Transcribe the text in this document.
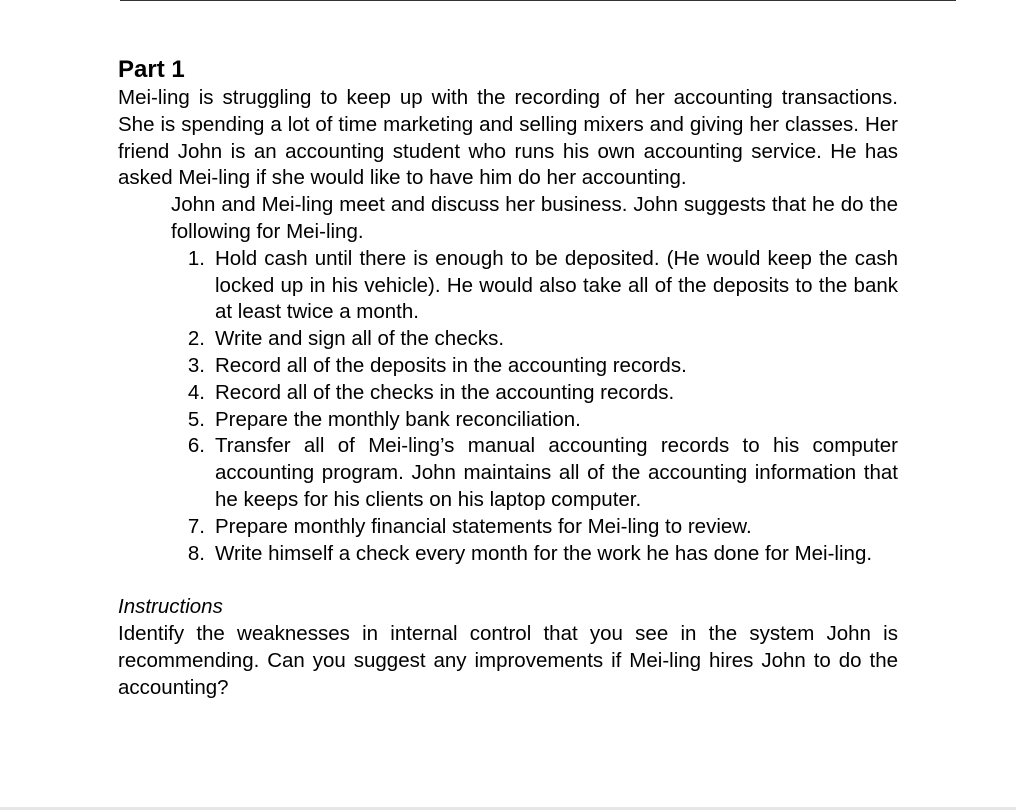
Part 1

Mei-ling is struggling to keep up with the recording of her accounting transactions. She is spending a lot of time marketing and selling mixers and giving her classes. Her friend John is an accounting student who runs his own accounting service. He has asked Mei-ling if she would like to have him do her accounting.

John and Mei-ling meet and discuss her business. John suggests that he do the following for Mei-ling.

1. Hold cash until there is enough to be deposited. (He would keep the cash locked up in his vehicle). He would also take all of the deposits to the bank at least twice a month.
2. Write and sign all of the checks.
3. Record all of the deposits in the accounting records.
4. Record all of the checks in the accounting records.
5. Prepare the monthly bank reconciliation.
6. Transfer all of Mei-ling’s manual accounting records to his computer accounting program. John maintains all of the accounting information that he keeps for his clients on his laptop computer.
7. Prepare monthly financial statements for Mei-ling to review.
8. Write himself a check every month for the work he has done for Mei-ling.

Instructions

Identify the weaknesses in internal control that you see in the system John is recommending. Can you suggest any improvements if Mei-ling hires John to do the accounting?
